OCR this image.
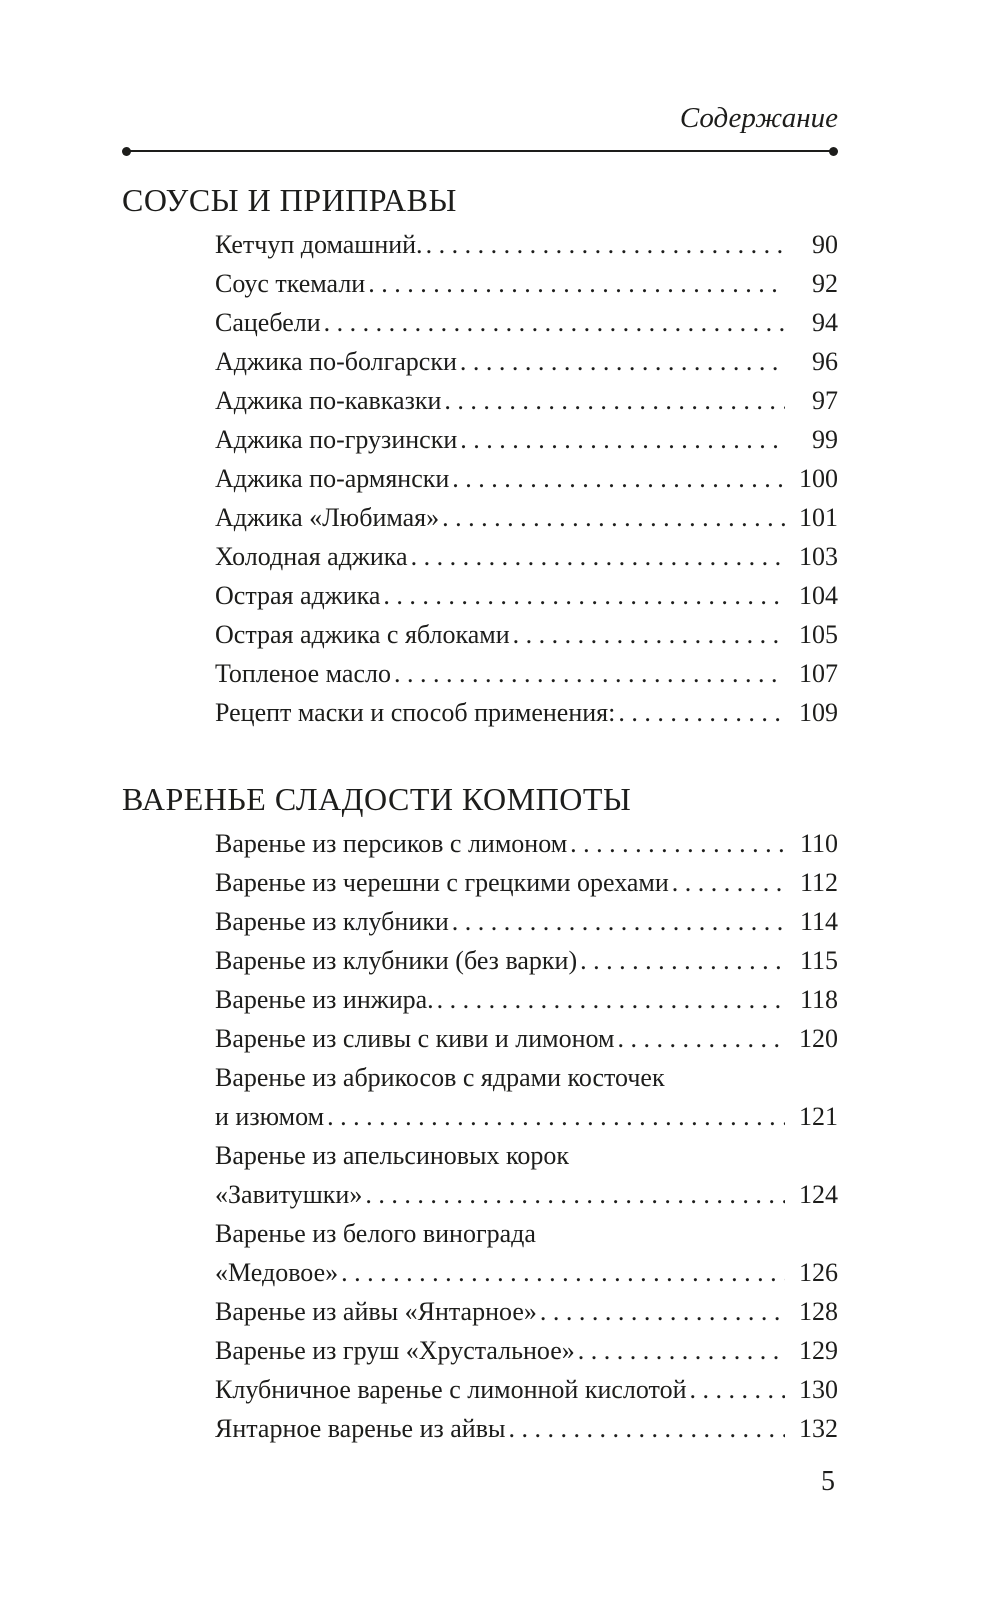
Содержание
СОУСЫ И ПРИПРАВЫ
Кетчуп домашний. .....	90
Соус ткемали .....	92
Сацебели .....	94
Аджика по-болгарски .....	96
Аджика по-кавказки .....	97
Аджика по-грузински .....	99
Аджика по-армянски .....	100
Аджика «Любимая» .....	101
Холодная аджика .....	103
Острая аджика .....	104
Острая аджика с яблоками .....	105
Топленое масло .....	107
Рецепт маски и способ применения: .....	109
ВАРЕНЬЕ СЛАДОСТИ КОМПОТЫ
Варенье из персиков с лимоном .....	110
Варенье из черешни с грецкими орехами .....	112
Варенье из клубники .....	114
Варенье из клубники (без варки) .....	115
Варенье из инжира. .....	118
Варенье из сливы с киви и лимоном .....	120
Варенье из абрикосов с ядрами косточек
и изюмом .....	121
Варенье из апельсиновых корок
«Завитушки» .....	124
Варенье из белого винограда
«Медовое» .....	126
Варенье из айвы «Янтарное» .....	128
Варенье из груш «Хрустальное» .....	129
Клубничное варенье с лимонной кислотой .....	130
Янтарное варенье из айвы .....	132
5
